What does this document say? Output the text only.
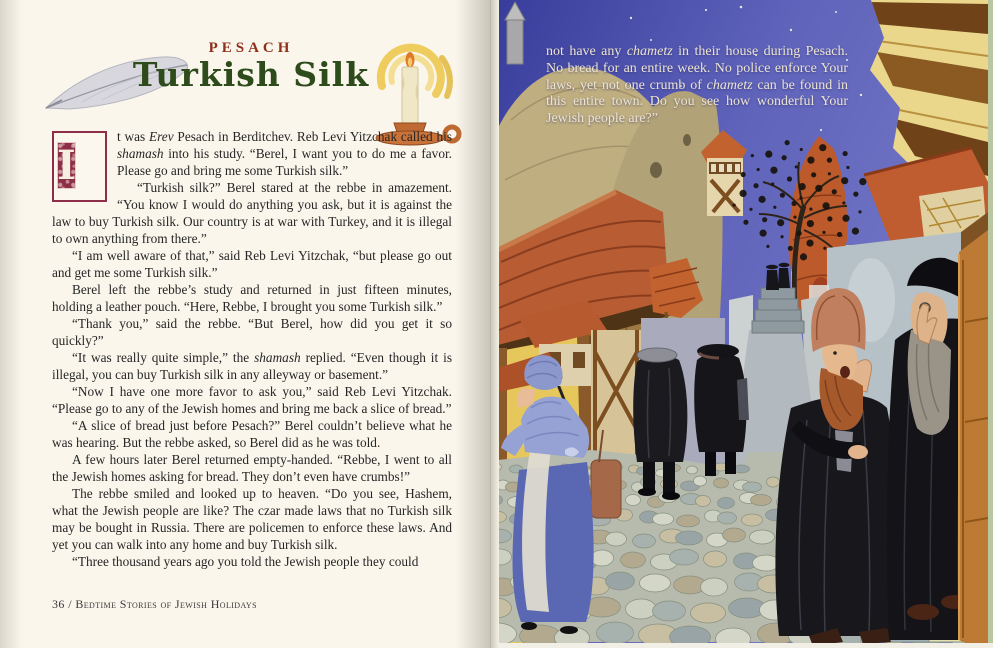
PESACH
Turkish Silk

I
t was Erev Pesach in Berditchev. Reb Levi Yitzchak called his shamash into his study. “Berel, I want you to do me a favor. Please go and bring me some Turkish silk.”

“Turkish silk?” Berel stared at the rebbe in amazement. “You know I would do anything you ask, but it is against the law to buy Turkish silk. Our country is at war with Turkey, and it is illegal to own anything from there.”

“I am well aware of that,” said Reb Levi Yitzchak, “but please go out and get me some Turkish silk.”

Berel left the rebbe’s study and returned in just fifteen minutes, holding a leather pouch. “Here, Rebbe, I brought you some Turkish silk.”

“Thank you,” said the rebbe. “But Berel, how did you get it so quickly?”

“It was really quite simple,” the shamash replied. “Even though it is illegal, you can buy Turkish silk in any alleyway or basement.”

“Now I have one more favor to ask you,” said Reb Levi Yitzchak. “Please go to any of the Jewish homes and bring me back a slice of bread.”

“A slice of bread just before Pesach?” Berel couldn’t believe what he was hearing. But the rebbe asked, so Berel did as he was told.

A few hours later Berel returned empty-handed. “Rebbe, I went to all the Jewish homes asking for bread. They don’t even have crumbs!”

The rebbe smiled and looked up to heaven. “Do you see, Hashem, what the Jewish people are like? The czar made laws that no Turkish silk may be bought in Russia. There are policemen to enforce these laws. And yet you can walk into any home and buy Turkish silk.

“Three thousand years ago you told the Jewish people they could

36 / Bedtime Stories of Jewish Holidays
not have any chametz in their house during Pesach. No bread for an entire week. No police enforce Your laws, yet not one crumb of chametz can be found in this entire town. Do you see how wonderful Your Jewish people are?”
